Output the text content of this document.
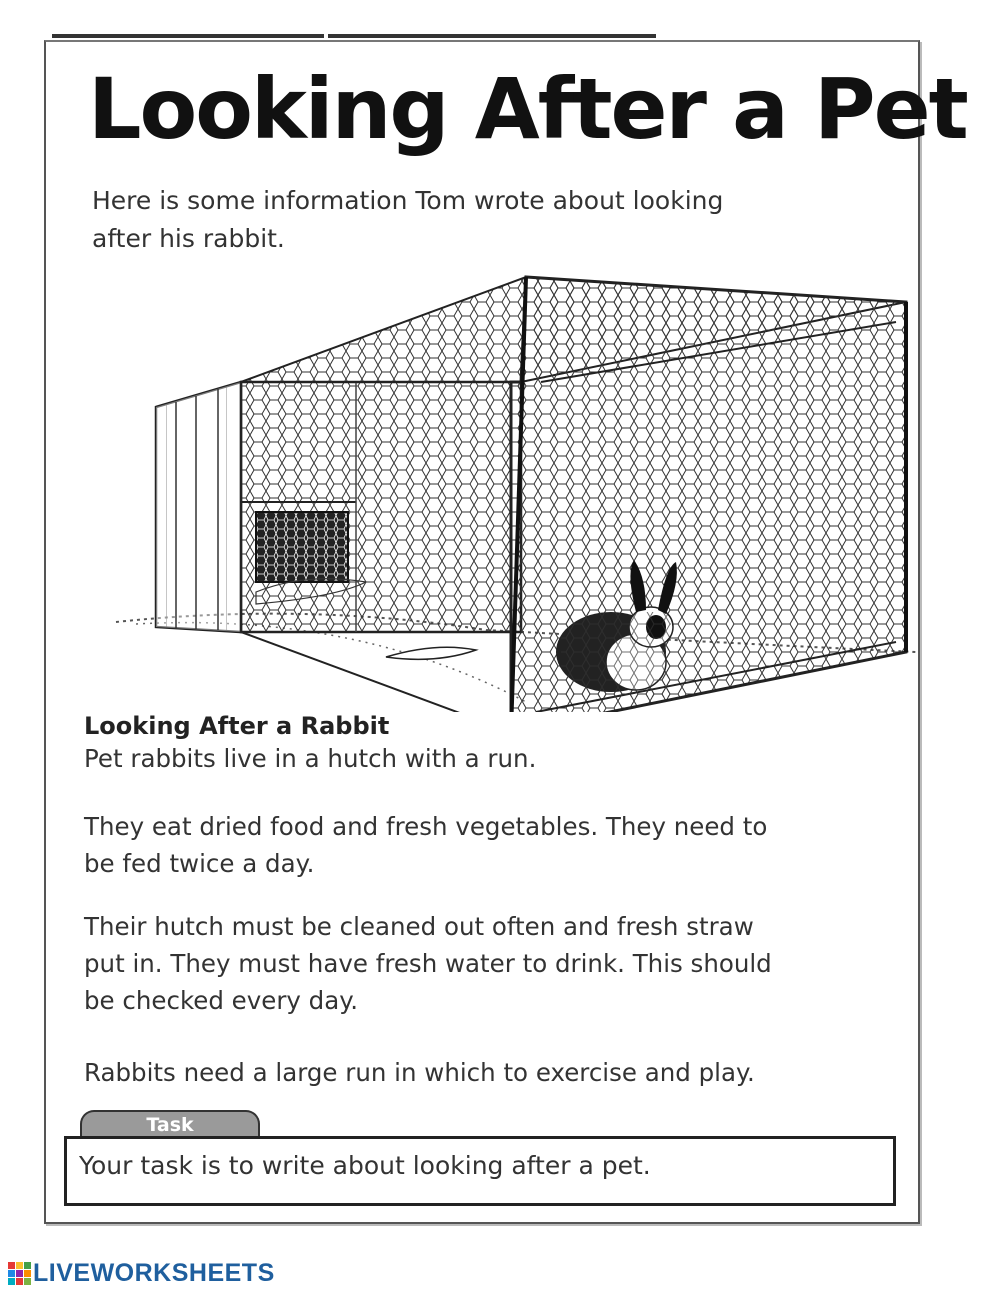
Looking After a Pet
Here is some information Tom wrote about looking
after his rabbit.
Looking After a Rabbit
Pet rabbits live in a hutch with a run.
They eat dried food and fresh vegetables. They need to
be fed twice a day.
Their hutch must be cleaned out often and fresh straw
put in. They must have fresh water to drink. This should
be checked every day.
Rabbits need a large run in which to exercise and play.
Task
Your task is to write about looking after a pet.
LIVEWORKSHEETS
